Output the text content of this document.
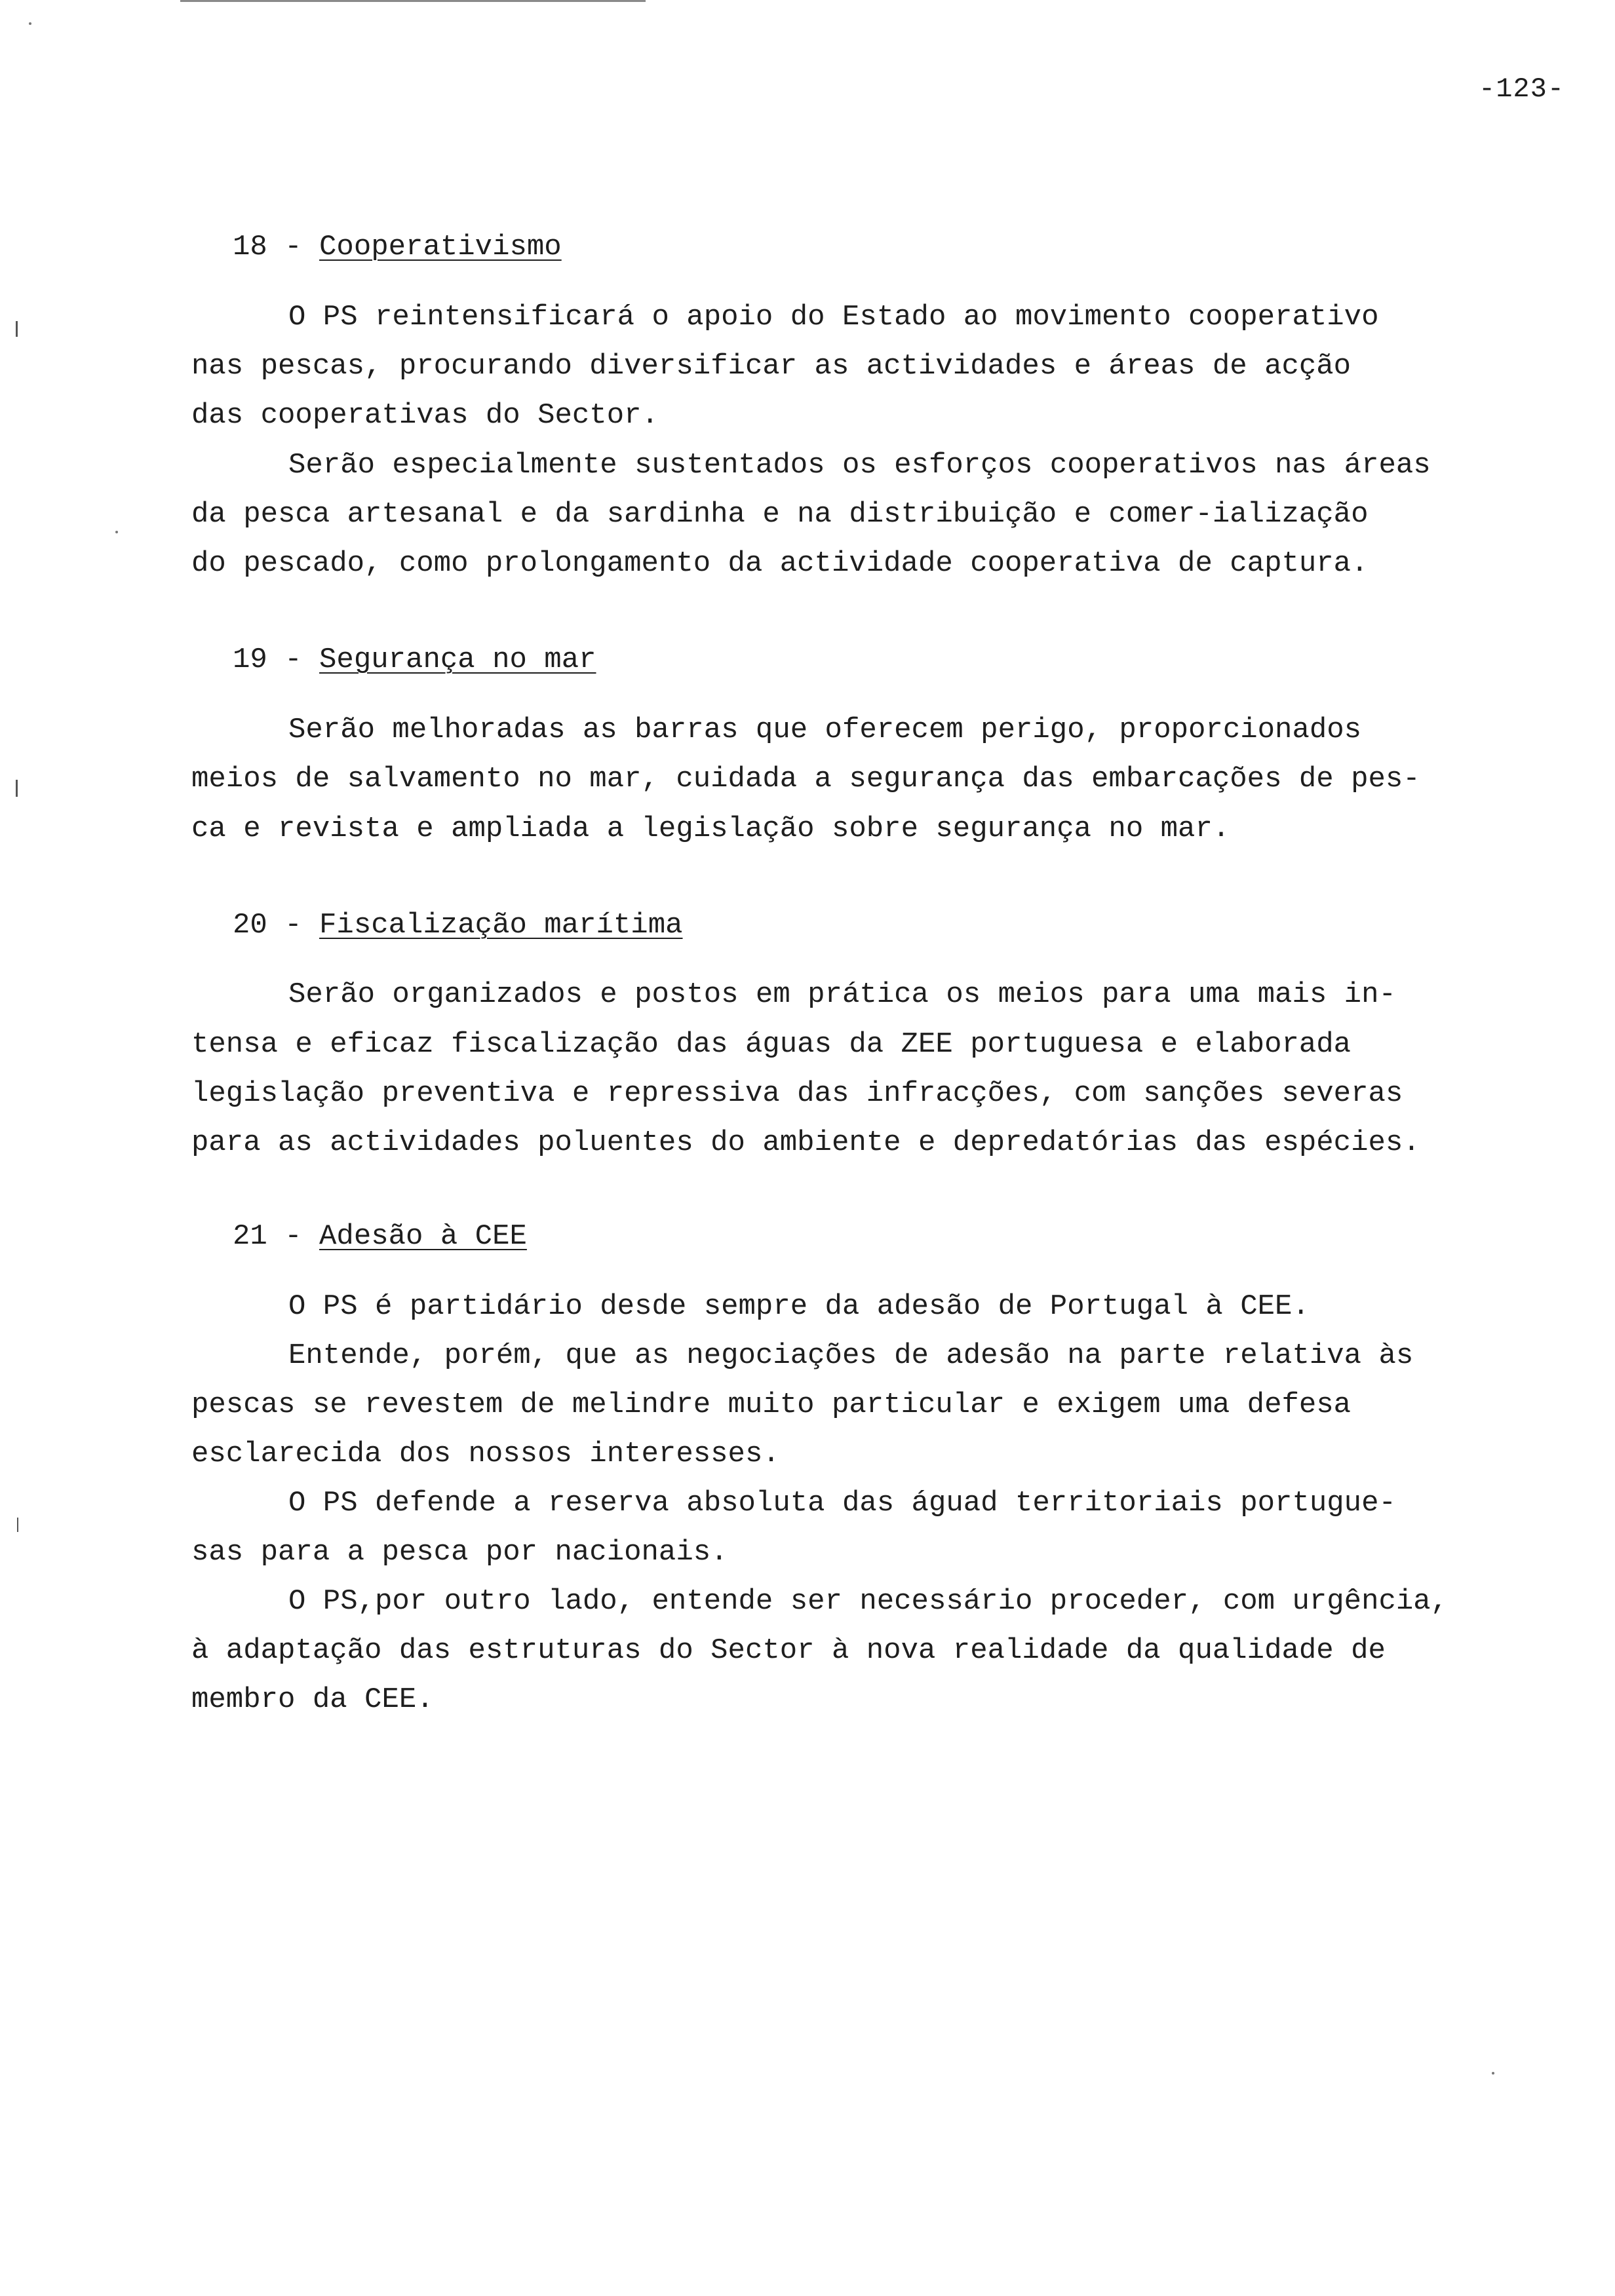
-123-
18 - Cooperativismo
O PS reintensificará o apoio do Estado ao movimento cooperativo
nas pescas, procurando diversificar as actividades e áreas de acção
das cooperativas do Sector.
Serão especialmente sustentados os esforços cooperativos nas áreas
da pesca artesanal e da sardinha e na distribuição e comer-ialização
do pescado, como prolongamento da actividade cooperativa de captura.
19 - Segurança no mar
Serão melhoradas as barras que oferecem perigo, proporcionados
meios de salvamento no mar, cuidada a segurança das embarcações de pes-
ca e revista e ampliada a legislação sobre segurança no mar.
20 - Fiscalização marítima
Serão organizados e postos em prática os meios para uma mais in-
tensa e eficaz fiscalização das águas da ZEE portuguesa e elaborada
legislação preventiva e repressiva das infracções, com sanções severas
para as actividades poluentes do ambiente e depredatórias das espécies.
21 - Adesão à CEE
O PS é partidário desde sempre da adesão de Portugal à CEE.
Entende, porém, que as negociações de adesão na parte relativa às
pescas se revestem de melindre muito particular e exigem uma defesa
esclarecida dos nossos interesses.
O PS defende a reserva absoluta das águad territoriais portugue-
sas para a pesca por nacionais.
O PS,por outro lado, entende ser necessário proceder, com urgência,
à adaptação das estruturas do Sector à nova realidade da qualidade de
membro da CEE.
